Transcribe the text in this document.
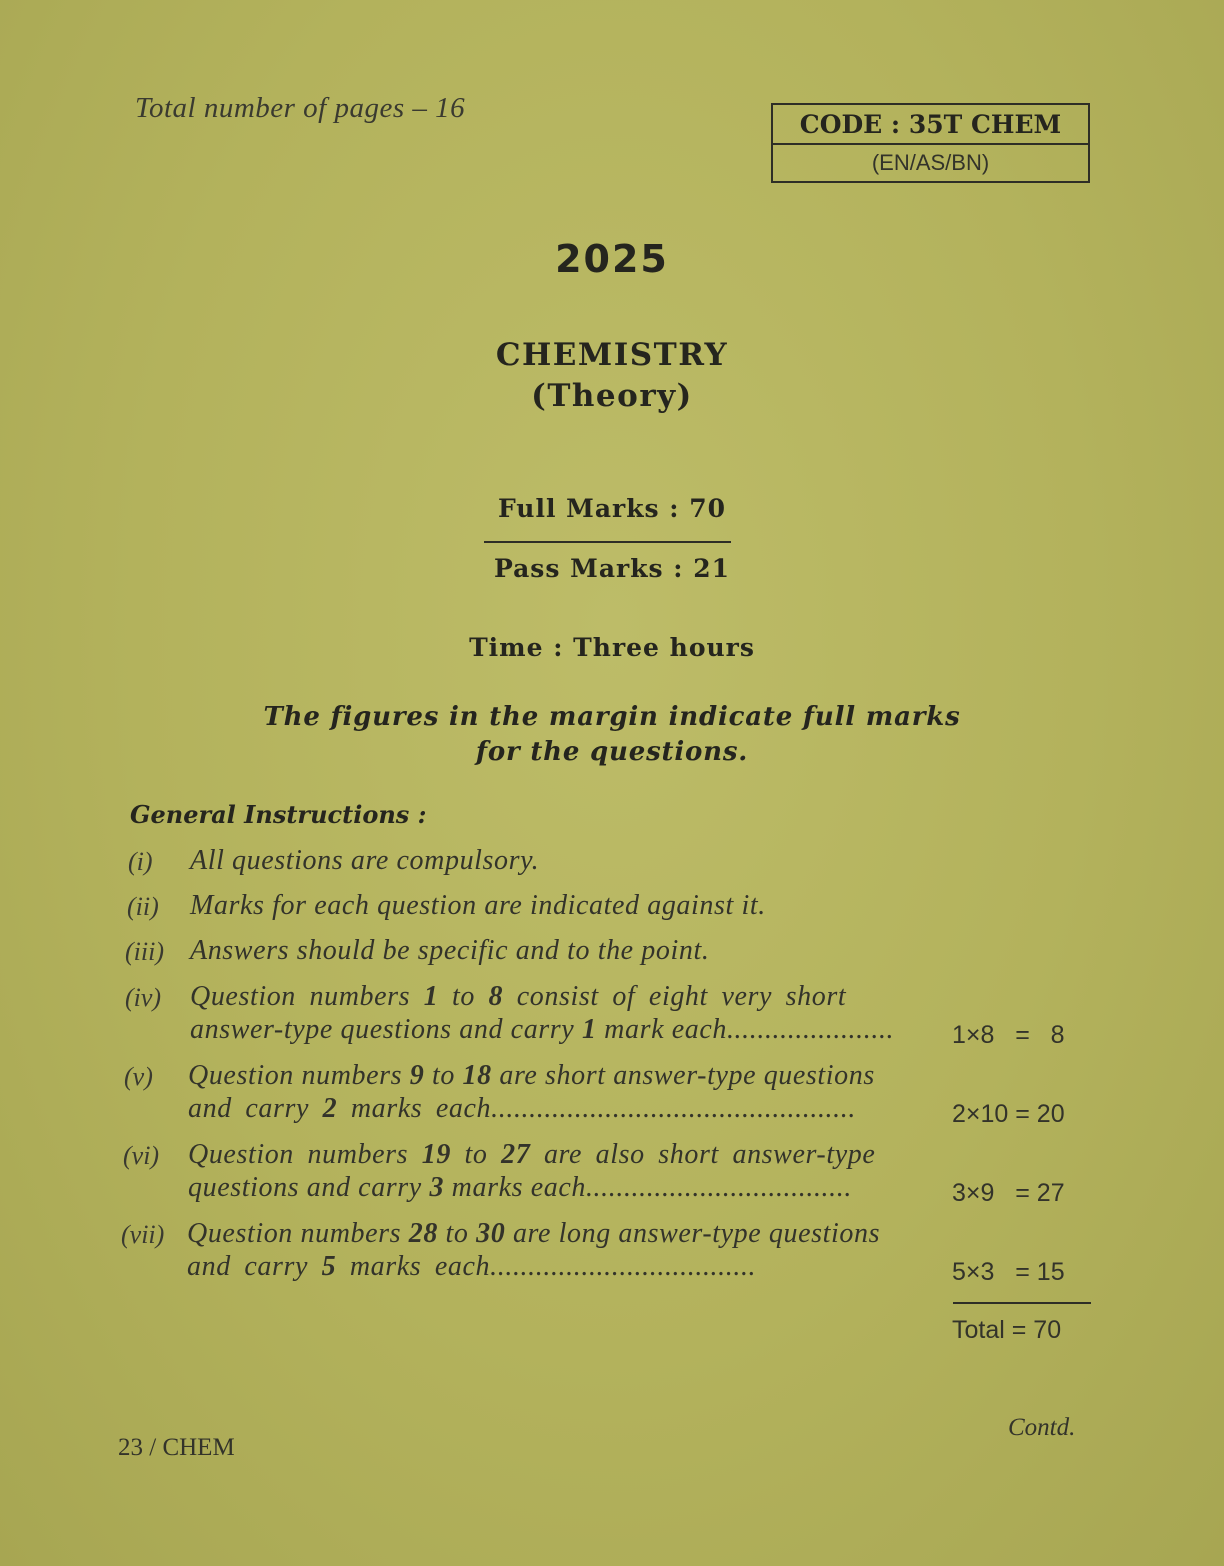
Total number of pages – 16
CODE : 35T CHEM
(EN/AS/BN)
2025
CHEMISTRY
(Theory)
Full Marks : 70
Pass Marks : 21
Time : Three hours
The figures in the margin indicate full marks
for the questions.
General Instructions :
(i) All questions are compulsory.
(ii) Marks for each question are indicated against it.
(iii) Answers should be specific and to the point.
(iv) Question numbers 1 to 8 consist of eight very short
answer-type questions and carry 1 mark each......................	1×8   =   8
(v) Question numbers 9 to 18 are short answer-type questions
and carry 2 marks each................................................	2×10 = 20
(vi) Question numbers 19 to 27 are also short answer-type
questions and carry 3 marks each...................................	3×9   = 27
(vii) Question numbers 28 to 30 are long answer-type questions
and carry 5 marks each...................................	5×3   = 15
Total = 70
23 / CHEM
Contd.
